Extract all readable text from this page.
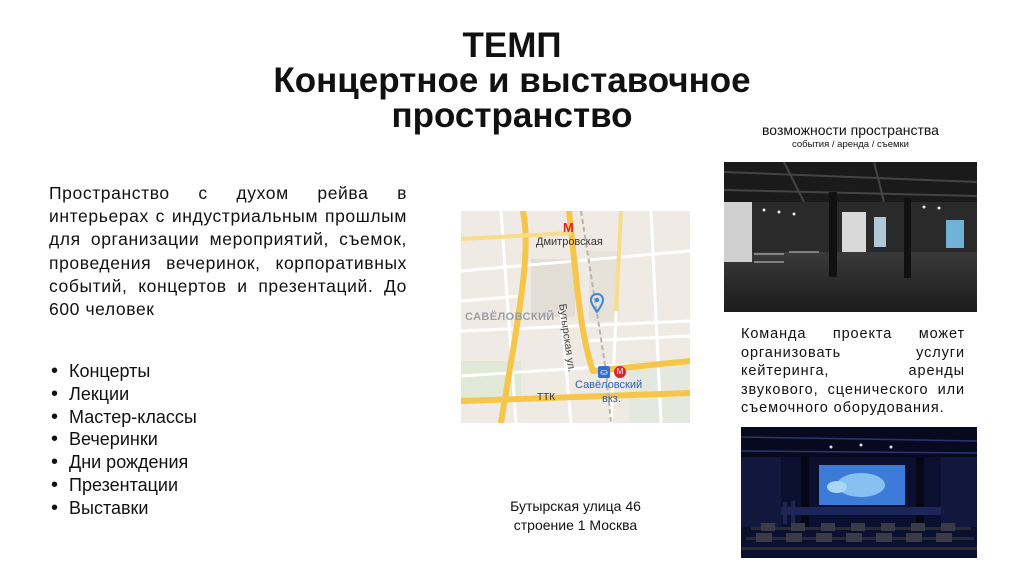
ТЕМП
Концертное и выставочное
пространство
Пространство с духом рейва в интерьерах с индустриальным прошлым для организации мероприятий, съемок, проведения вечеринок, корпоративных событий, концертов и презентаций. До 600 человек
• Концерты
• Лекции
• Мастер-классы
• Вечеринки
• Дни рождения
• Презентации
• Выставки
M
Дмитровская
САВЁЛОВСКИЙ Бутырская ул.	⛀	M
Савёловский
вкз.
ТТК
Бутырская улица 46
строение 1 Москва
возможности пространства
события / аренда / съемки
Команда проекта может организовать услуги кейтеринга, аренды звукового, сценического или съемочного оборудования.
